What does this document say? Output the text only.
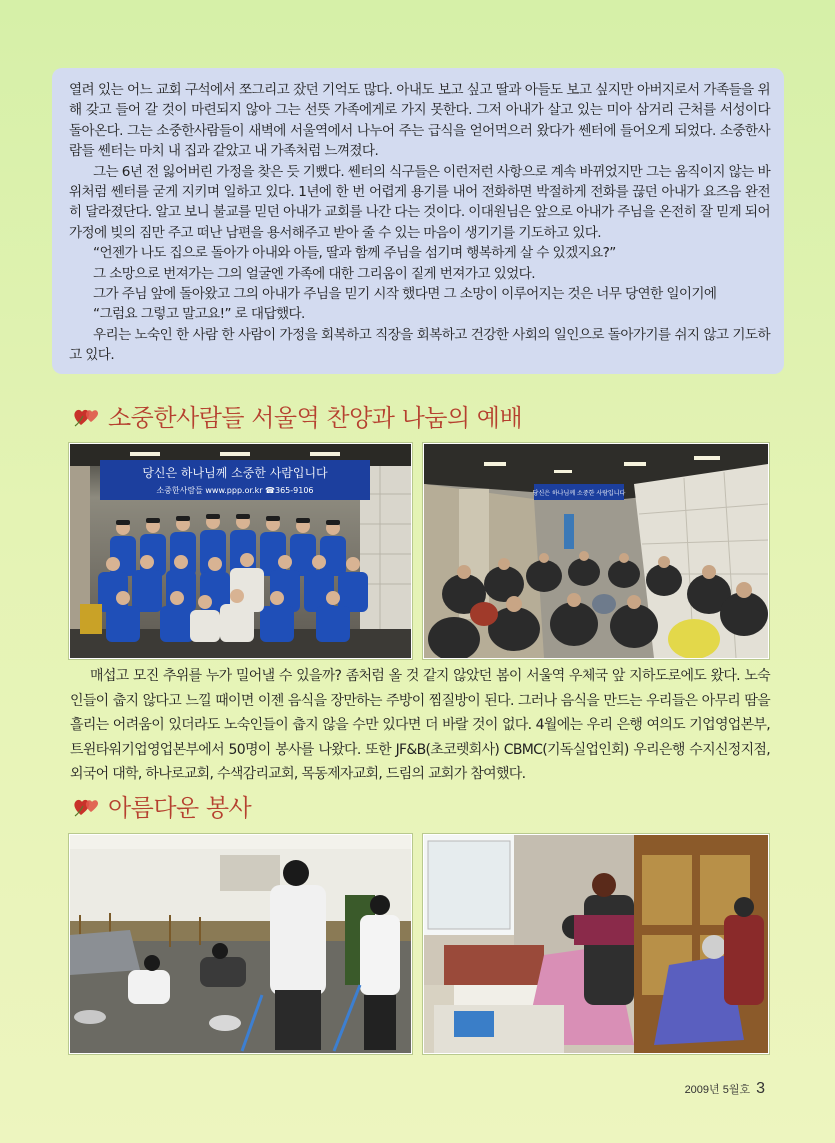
열려 있는 어느 교회 구석에서 쪼그리고 잤던 기억도 많다. 아내도 보고 싶고 딸과 아들도 보고 싶지만 아버지로서 가족들을 위해 갖고 들어 갈 것이 마련되지 않아 그는 선뜻 가족에게로 가지 못한다. 그저 아내가 살고 있는 미아 삼거리 근처를 서성이다 돌아온다. 그는 소중한사람들이 새벽에 서울역에서 나누어 주는 급식을 얻어먹으러 왔다가 쎈터에 들어오게 되었다. 소중한사람들 쎈터는 마치 내 집과 같았고 내 가족처럼 느껴졌다.

그는 6년 전 잃어버린 가정을 찾은 듯 기뻤다. 쎈터의 식구들은 이런저런 사항으로 계속 바뀌었지만 그는 움직이지 않는 바위처럼 쎈터를 굳게 지키며 일하고 있다. 1년에 한 번 어렵게 용기를 내어 전화하면 박절하게 전화를 끊던 아내가 요즈음 완전히 달라졌단다. 알고 보니 불교를 믿던 아내가 교회를 나간 다는 것이다. 이대원님은 앞으로 아내가 주님을 온전히 잘 믿게 되어 가정에 빚의 짐만 주고 떠난 남편을 용서해주고 받아 줄 수 있는 마음이 생기기를 기도하고 있다.

“언젠가 나도 집으로 돌아가 아내와 아들, 딸과 함께 주님을 섬기며 행복하게 살 수 있겠지요?”

그 소망으로 번져가는 그의 얼굴엔 가족에 대한 그리움이 짙게 번져가고 있었다.

그가 주님 앞에 돌아왔고 그의 아내가 주님을 믿기 시작 했다면 그 소망이 이루어지는 것은 너무 당연한 일이기에

“그럼요 그렇고 말고요!” 로 대답했다.

우리는 노숙인 한 사람 한 사람이 가정을 회복하고 직장을 회복하고 건강한 사회의 일인으로 돌아가기를 쉬지 않고 기도하고 있다.

소중한사람들 서울역 찬양과 나눔의 예배
당신은 하나님께 소중한 사람입니다
소중한사람들 www.ppp.or.kr ☎365-9106	당신은 하나님께 소중한 사람입니다

매섭고 모진 추위를 누가 밀어낼 수 있을까? 좀처럼 올 것 같지 않았던 봄이 서울역 우체국 앞 지하도로에도 왔다. 노숙인들이 춥지 않다고 느낄 때이면 이젠 음식을 장만하는 주방이 찜질방이 된다. 그러나 음식을 만드는 우리들은 아무리 땀을 흘리는 어려움이 있더라도 노숙인들이 춥지 않을 수만 있다면 더 바랄 것이 없다. 4월에는 우리 은행 여의도 기업영업본부, 트윈타워기업영업본부에서 50명이 봉사를 나왔다. 또한 JF&B(초코렛회사) CBMC(기독실업인회) 우리은행 수지신정지점, 외국어 대학, 하나로교회, 수색감리교회, 목동제자교회, 드림의 교회가 참여했다.

아름다운 봉사
2009년 5월호 3
